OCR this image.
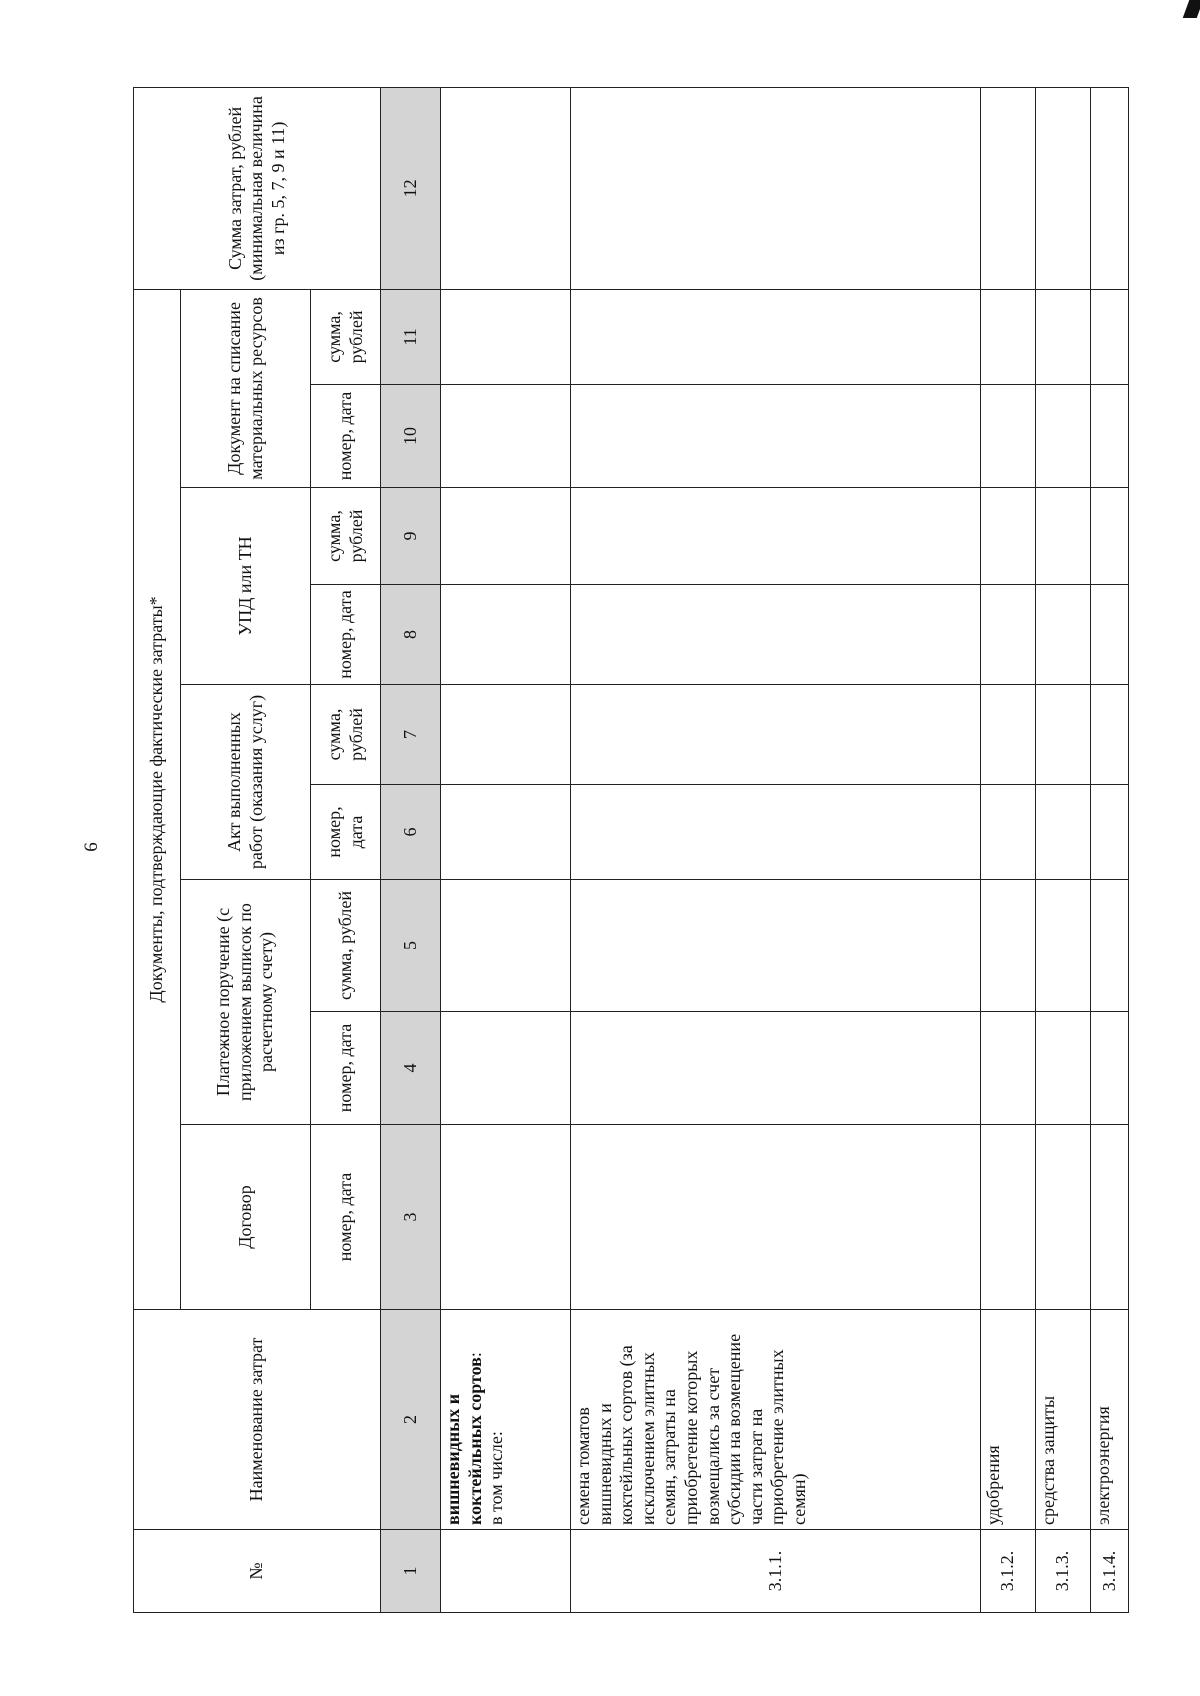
6
№	Наименование затрат	Документы, подтверждающие фактические затраты*									Сумма затрат, рублей (минимальная величина из гр. 5, 7, 9 и 11)
		Договор	Платежное поручение (с приложением выписок по расчетному счету)		Акт выполненных работ (оказания услуг)		УПД или ТН		Документ на списание материальных ресурсов		
		номер, дата	номер, дата	сумма, рублей	номер, дата	сумма, рублей	номер, дата	сумма, рублей	номер, дата	сумма, рублей	
1	2	3	4	5	6	7	8	9	10	11	12
	вишневидных и коктейльных сортов:
в том числе:										

3.1.1.	семена томатов вишневидных и коктейльных сортов (за исключением элитных семян, затраты на приобретение которых возмещались за счет субсидии на возмещение части затрат на приобретение элитных семян)										
3.1.2.	удобрения										
3.1.3.	средства защиты										
3.1.4.	электроэнергия										
